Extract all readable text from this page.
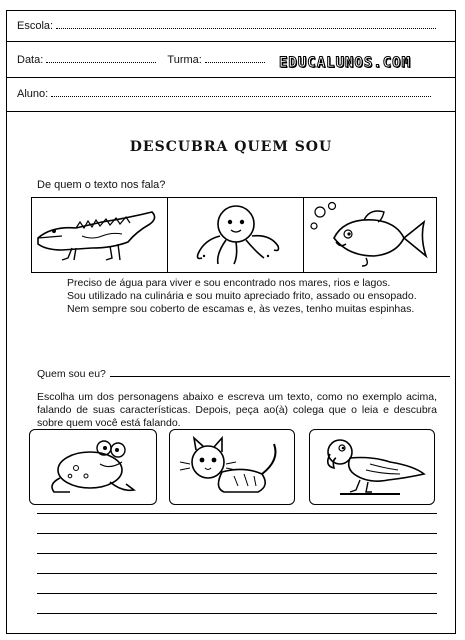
Escola:
Data:	Turma:	EDUCALUNOS.COM
Aluno:
DESCUBRA QUEM SOU
De quem o texto nos fala?

Preciso de água para viver e sou encontrado nos mares, rios e lagos.

Sou utilizado na culinária e sou muito apreciado frito, assado ou ensopado.

Nem sempre sou coberto de escamas e, às vezes, tenho muitas espinhas.

Quem sou eu?
Escolha um dos personagens abaixo e escreva um texto, como no exemplo acima, falando de suas características. Depois, peça ao(à) colega que o leia e descubra sobre quem você está falando.
